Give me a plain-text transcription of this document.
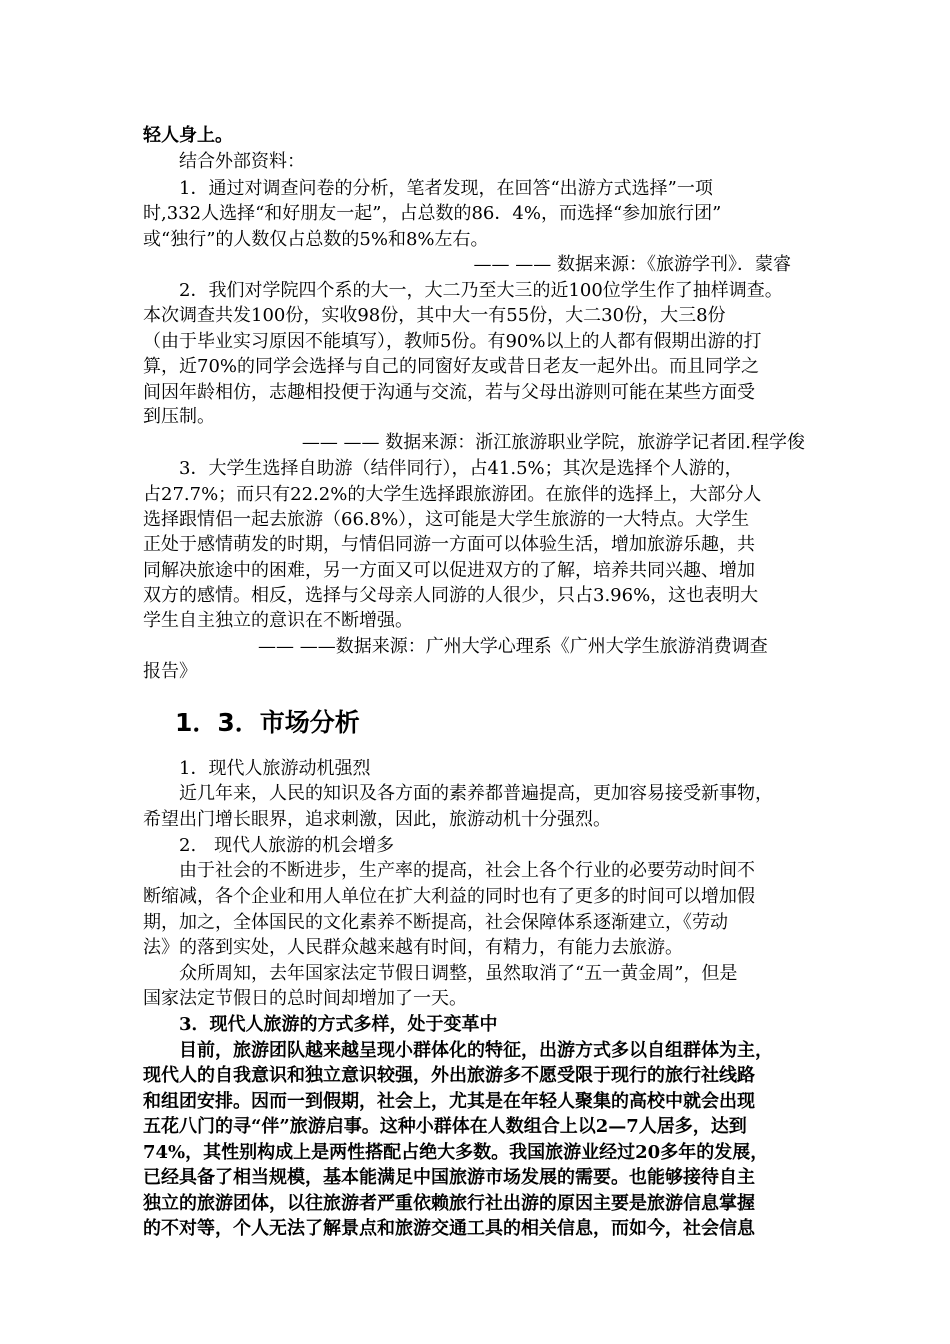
轻人身上。
　　结合外部资料：
　　1．通过对调查问卷的分析，笔者发现，在回答“出游方式选择”一项
时,332人选择“和好朋友一起”，占总数的86．4%，而选择“参加旅行团”
或“独行”的人数仅占总数的5%和8%左右。
—— —— 数据来源：《旅游学刊》．蒙睿
　　2．我们对学院四个系的大一，大二乃至大三的近100位学生作了抽样调查。
本次调查共发100份，实收98份，其中大一有55份，大二30份，大三8份
（由于毕业实习原因不能填写），教师5份。有90%以上的人都有假期出游的打
算，近70%的同学会选择与自己的同窗好友或昔日老友一起外出。而且同学之
间因年龄相仿，志趣相投便于沟通与交流，若与父母出游则可能在某些方面受
到压制。
—— —— 数据来源：浙江旅游职业学院，旅游学记者团.程学俊
　　3．大学生选择自助游（结伴同行），占41.5%；其次是选择个人游的，
占27.7%；而只有22.2%的大学生选择跟旅游团。在旅伴的选择上，大部分人
选择跟情侣一起去旅游（66.8%），这可能是大学生旅游的一大特点。大学生
正处于感情萌发的时期，与情侣同游一方面可以体验生活，增加旅游乐趣，共
同解决旅途中的困难，另一方面又可以促进双方的了解，培养共同兴趣、增加
双方的感情。相反，选择与父母亲人同游的人很少，只占3.96%，这也表明大
学生自主独立的意识在不断增强。
—— ——数据来源：广州大学心理系《广州大学生旅游消费调查
报告》
1．3．市场分析
　　1．现代人旅游动机强烈
　　近几年来，人民的知识及各方面的素养都普遍提高，更加容易接受新事物，
希望出门增长眼界，追求刺激，因此，旅游动机十分强烈。
　　2.　现代人旅游的机会增多
　　由于社会的不断进步，生产率的提高，社会上各个行业的必要劳动时间不
断缩减，各个企业和用人单位在扩大利益的同时也有了更多的时间可以增加假
期，加之，全体国民的文化素养不断提高，社会保障体系逐渐建立，《劳动
法》的落到实处，人民群众越来越有时间，有精力，有能力去旅游。
　　众所周知，去年国家法定节假日调整，虽然取消了“五一黄金周”，但是
国家法定节假日的总时间却增加了一天。
　　3．现代人旅游的方式多样，处于变革中
　　目前，旅游团队越来越呈现小群体化的特征，出游方式多以自组群体为主，
现代人的自我意识和独立意识较强，外出旅游多不愿受限于现行的旅行社线路
和组团安排。因而一到假期，社会上，尤其是在年轻人聚集的高校中就会出现
五花八门的寻“伴”旅游启事。这种小群体在人数组合上以2—7人居多，达到
74%，其性别构成上是两性搭配占绝大多数。我国旅游业经过20多年的发展，
已经具备了相当规模，基本能满足中国旅游市场发展的需要。也能够接待自主
独立的旅游团体，以往旅游者严重依赖旅行社出游的原因主要是旅游信息掌握
的不对等，个人无法了解景点和旅游交通工具的相关信息，而如今，社会信息
